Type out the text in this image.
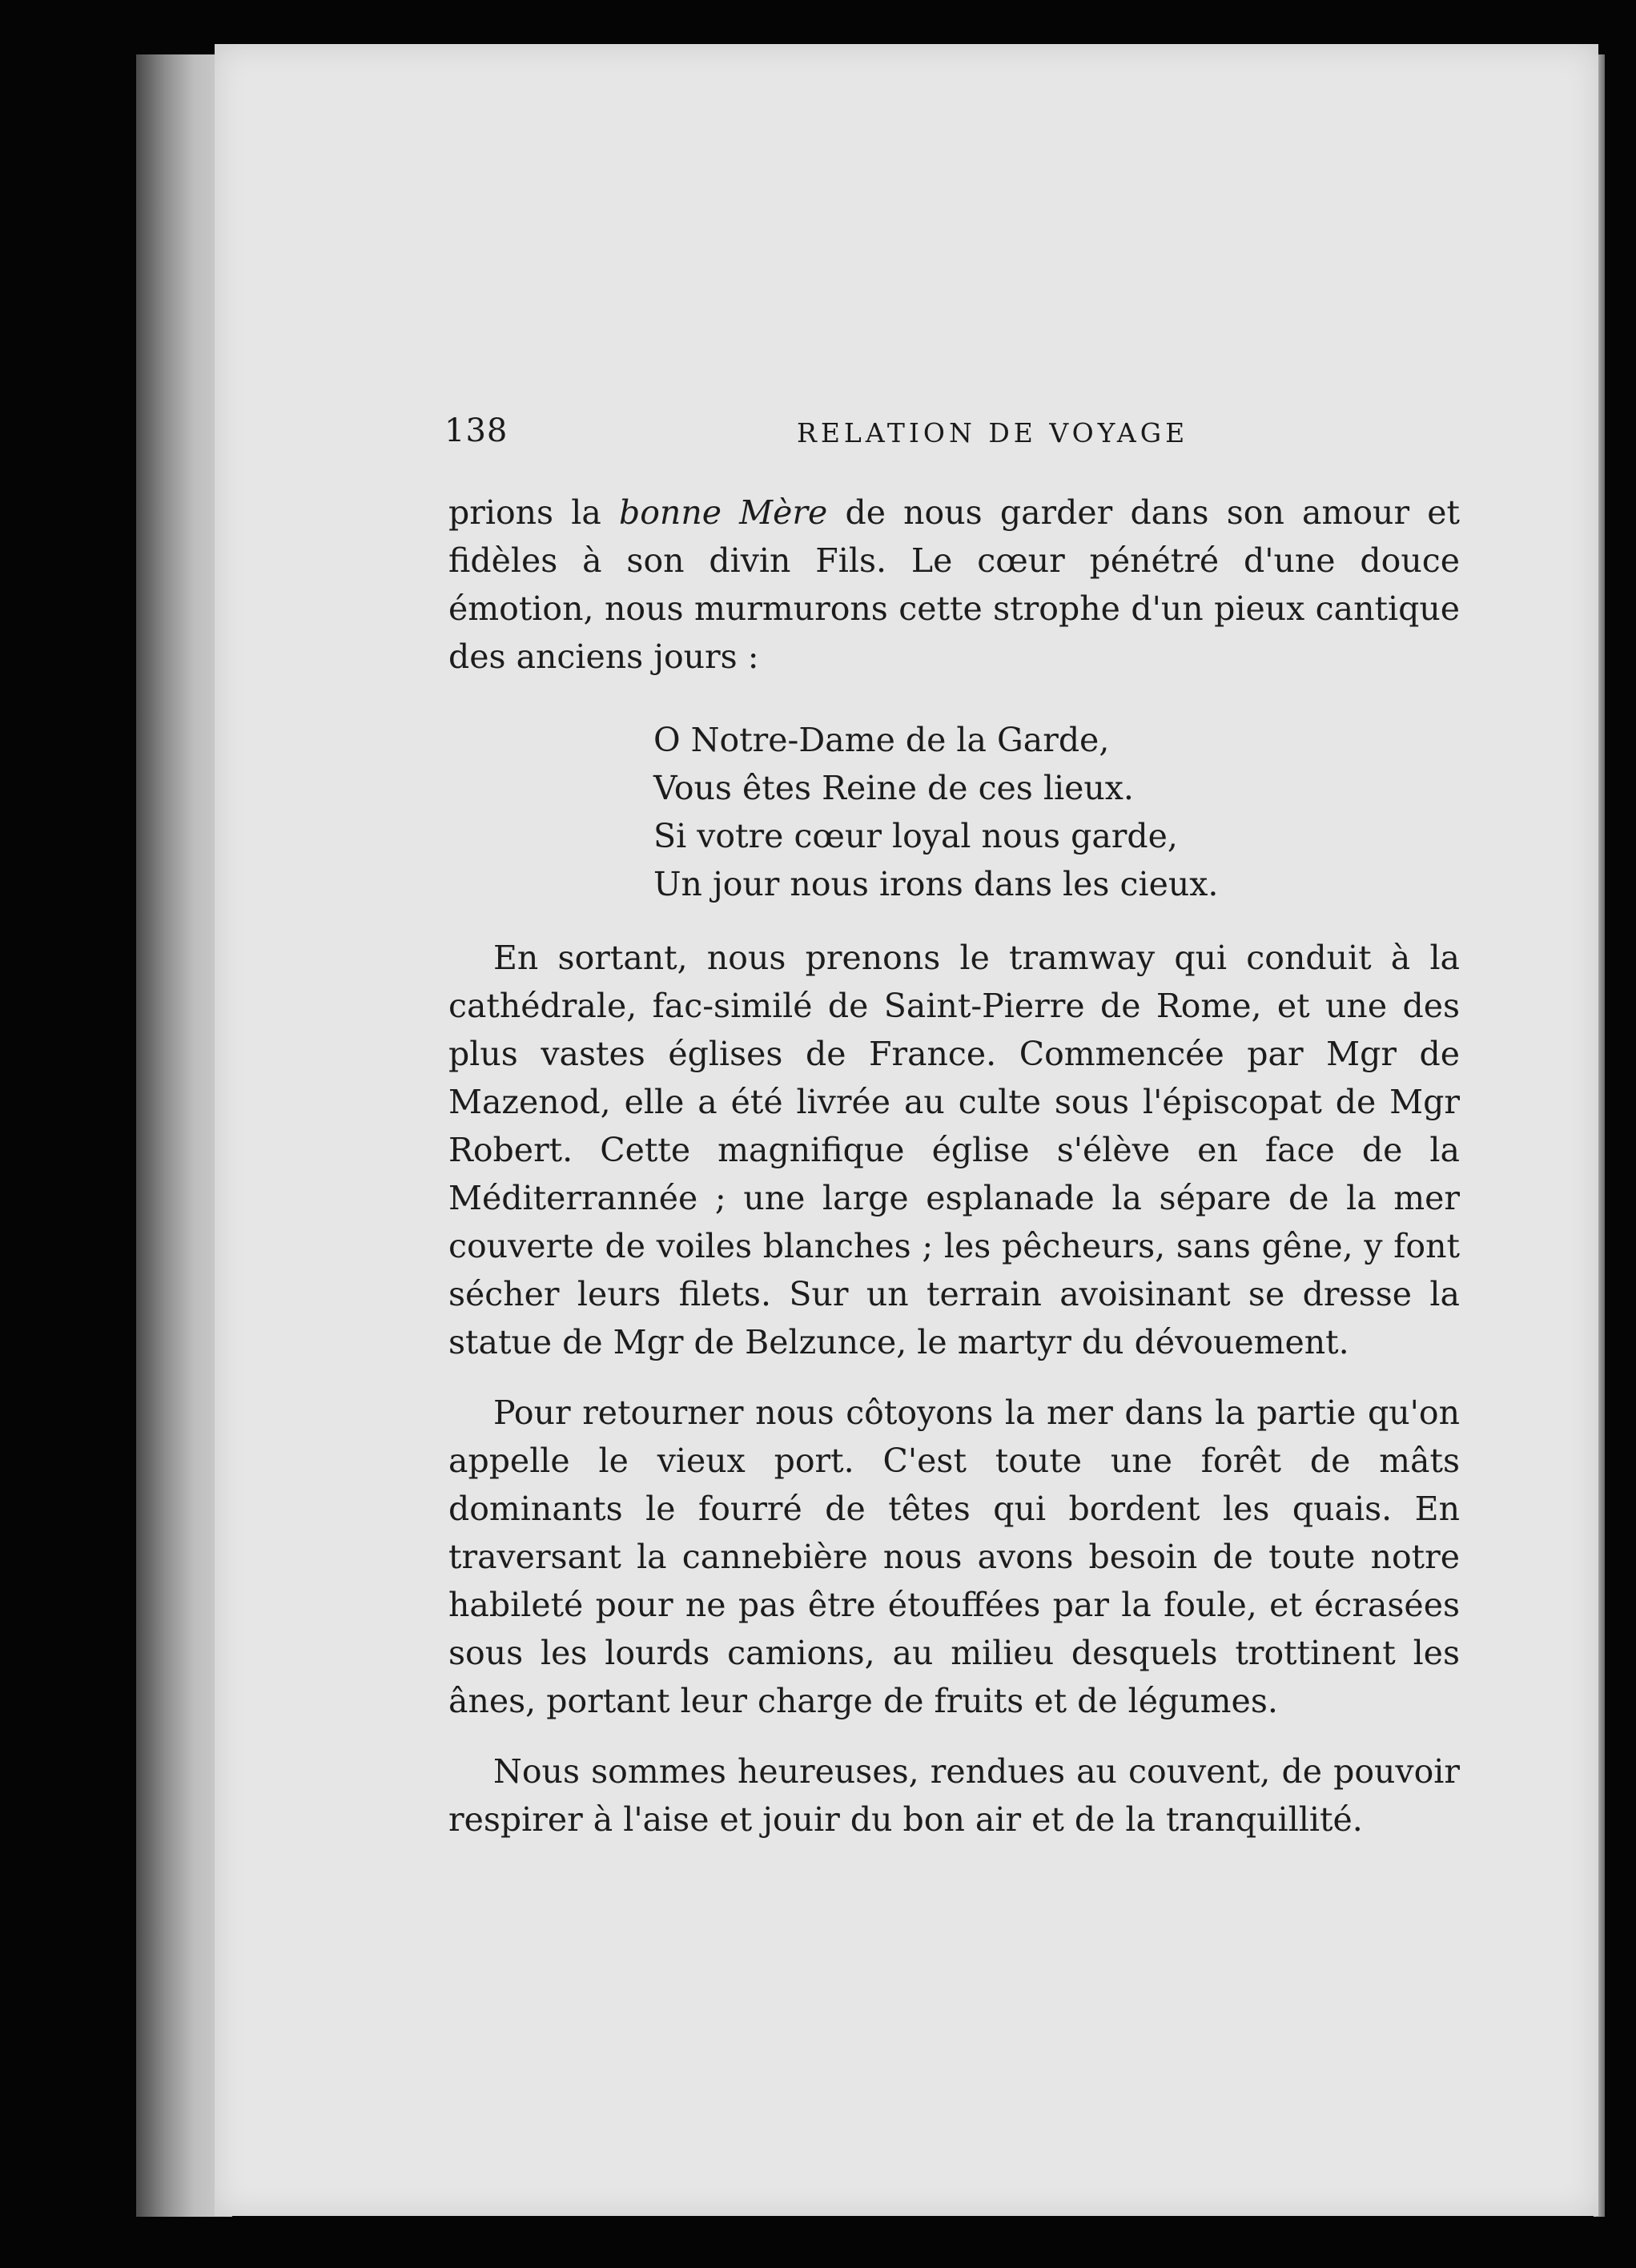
138	RELATION DE VOYAGE

prions la bonne Mère de nous garder dans son amour et fidèles à son divin Fils. Le cœur pénétré d'une douce émotion, nous murmurons cette strophe d'un pieux cantique des anciens jours :

O Notre-Dame de la Garde,
Vous êtes Reine de ces lieux.
Si votre cœur loyal nous garde,
Un jour nous irons dans les cieux.

En sortant, nous prenons le tramway qui conduit à la cathédrale, fac-similé de Saint-Pierre de Rome, et une des plus vastes églises de France. Commencée par Mgr de Mazenod, elle a été livrée au culte sous l'épiscopat de Mgr Robert. Cette magnifique église s'élève en face de la Méditerrannée ; une large esplanade la sépare de la mer couverte de voiles blanches ; les pêcheurs, sans gêne, y font sécher leurs filets. Sur un terrain avoisinant se dresse la statue de Mgr de Belzunce, le martyr du dévouement.

Pour retourner nous côtoyons la mer dans la partie qu'on appelle le vieux port. C'est toute une forêt de mâts dominants le fourré de têtes qui bordent les quais. En traversant la cannebière nous avons besoin de toute notre habileté pour ne pas être étouffées par la foule, et écrasées sous les lourds camions, au milieu desquels trottinent les ânes, portant leur charge de fruits et de légumes.

Nous sommes heureuses, rendues au couvent, de pouvoir respirer à l'aise et jouir du bon air et de la tranquillité.
